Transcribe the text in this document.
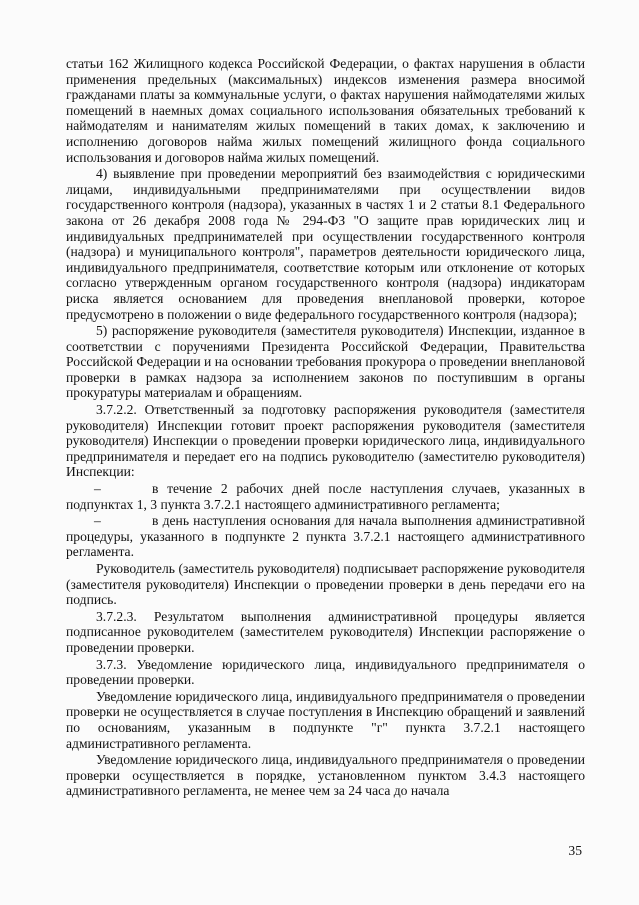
статьи 162 Жилищного кодекса Российской Федерации, о фактах нарушения в области применения предельных (максимальных) индексов изменения размера вносимой гражданами платы за коммунальные услуги, о фактах нарушения наймодателями жилых помещений в наемных домах социального использования обязательных требований к наймодателям и нанимателям жилых помещений в таких домах, к заключению и исполнению договоров найма жилых помещений жилищного фонда социального использования и договоров найма жилых помещений.

4) выявление при проведении мероприятий без взаимодействия с юридическими лицами, индивидуальными предпринимателями при осуществлении видов государственного контроля (надзора), указанных в частях 1 и 2 статьи 8.1 Федерального закона от 26 декабря 2008 года № 294-ФЗ "О защите прав юридических лиц и индивидуальных предпринимателей при осуществлении государственного контроля (надзора) и муниципального контроля", параметров деятельности юридического лица, индивидуального предпринимателя, соответствие которым или отклонение от которых согласно утвержденным органом государственного контроля (надзора) индикаторам риска является основанием для проведения внеплановой проверки, которое предусмотрено в положении о виде федерального государственного контроля (надзора);

5) распоряжение руководителя (заместителя руководителя) Инспекции, изданное в соответствии с поручениями Президента Российской Федерации, Правительства Российской Федерации и на основании требования прокурора о проведении внеплановой проверки в рамках надзора за исполнением законов по поступившим в органы прокуратуры материалам и обращениям.

3.7.2.2. Ответственный за подготовку распоряжения руководителя (заместителя руководителя) Инспекции готовит проект распоряжения руководителя (заместителя руководителя) Инспекции о проведении проверки юридического лица, индивидуального предпринимателя и передает его на подпись руководителю (заместителю руководителя) Инспекции:

–	в течение 2 рабочих дней после наступления случаев, указанных в подпунктах 1, 3 пункта 3.7.2.1 настоящего административного регламента;

–	в день наступления основания для начала выполнения административной процедуры, указанного в подпункте 2 пункта 3.7.2.1 настоящего административного регламента.

Руководитель (заместитель руководителя) подписывает распоряжение руководителя (заместителя руководителя) Инспекции о проведении проверки в день передачи его на подпись.

3.7.2.3. Результатом выполнения административной процедуры является подписанное руководителем (заместителем руководителя) Инспекции распоряжение о проведении проверки.

3.7.3. Уведомление юридического лица, индивидуального предпринимателя о проведении проверки.

Уведомление юридического лица, индивидуального предпринимателя о проведении проверки не осуществляется в случае поступления в Инспекцию обращений и заявлений по основаниям, указанным в подпункте "г" пункта 3.7.2.1 настоящего административного регламента.

Уведомление юридического лица, индивидуального предпринимателя о проведении проверки осуществляется в порядке, установленном пунктом 3.4.3 настоящего административного регламента, не менее чем за 24 часа до начала

35
